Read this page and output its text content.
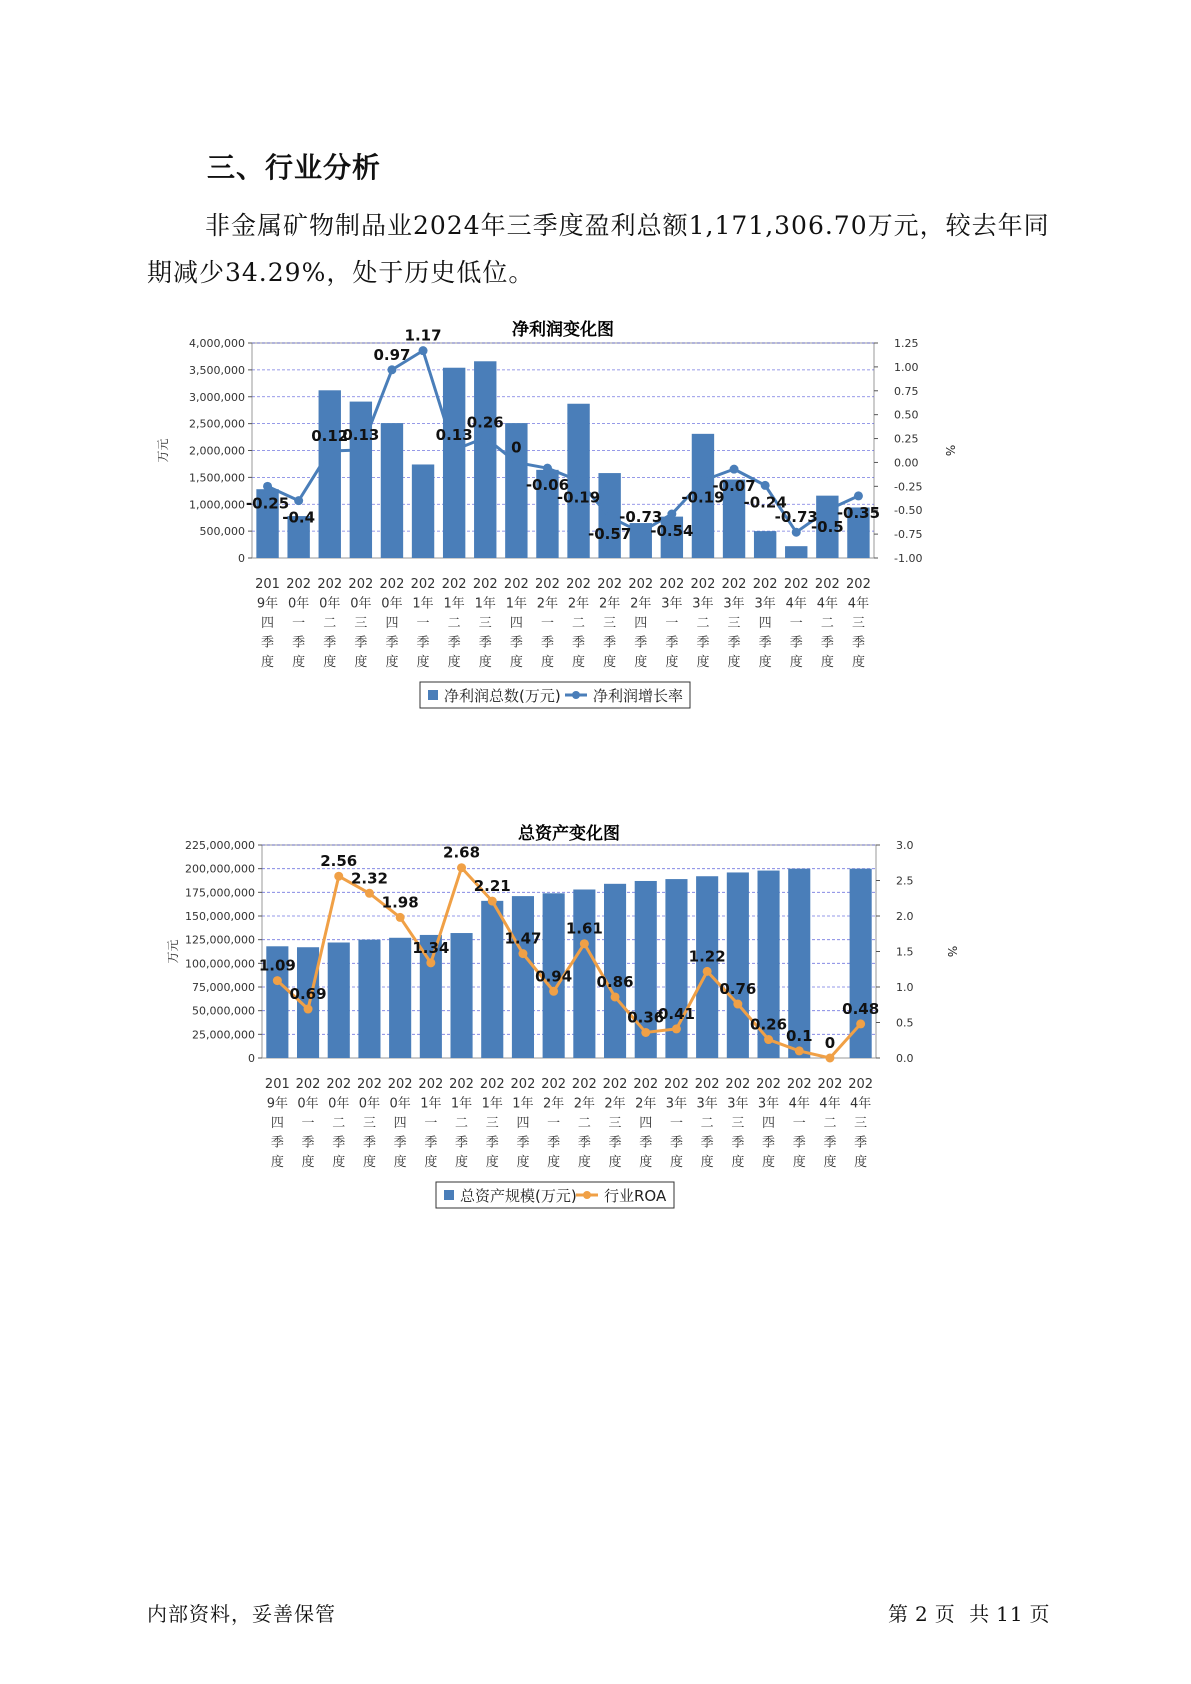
三、行业分析

非金属矿物制品业2024年三季度盈利总额1,171,306.70万元，较去年同期减少34.29%，处于历史低位。

净利润变化图
0
500,000
1,000,000
1,500,000
2,000,000
2,500,000
3,000,000
3,500,000
4,000,000
-1.00
-0.75
-0.50
-0.25
0.00
0.25
0.50
0.75
1.00
1.25
万元	%
201 9年四季度
202 0年一季度
202 0年二季度
202 0年三季度
202 0年四季度
202 1年一季度
202 1年二季度
202 1年三季度
202 1年四季度
202 2年一季度
202 2年二季度
202 2年三季度
202 2年四季度
202 3年一季度
202 3年二季度
202 3年三季度
202 3年四季度
202 4年一季度
202 4年二季度
202 4年三季度
-0.25
-0.4
0.12
0.13
0.97
1.17
0.13
0.26
0
-0.06
-0.19
-0.57
-0.73
-0.54
-0.19
-0.07
-0.24
-0.73
-0.5
-0.35
净利润总数(万元) 净利润增长率
总资产变化图
0
25,000,000
50,000,000
75,000,000
100,000,000
125,000,000
150,000,000
175,000,000
200,000,000
225,000,000
0.0
0.5
1.0
1.5
2.0
2.5
3.0
万元	%
201 9年四季度
202 0年一季度
202 0年二季度
202 0年三季度
202 0年四季度
202 1年一季度
202 1年二季度
202 1年三季度
202 1年四季度
202 2年一季度
202 2年二季度
202 2年三季度
202 2年四季度
202 3年一季度
202 3年二季度
202 3年三季度
202 3年四季度
202 4年一季度
202 4年二季度
202 4年三季度
1.09
0.69
2.56
2.32
1.98
1.34
2.68
2.21
1.47
0.94
1.61
0.86
0.36
0.41
1.22
0.76
0.26
0.1 0
0.48
总资产规模(万元) 行业ROA
内部资料，妥善保管	第 2 页 共 11 页
